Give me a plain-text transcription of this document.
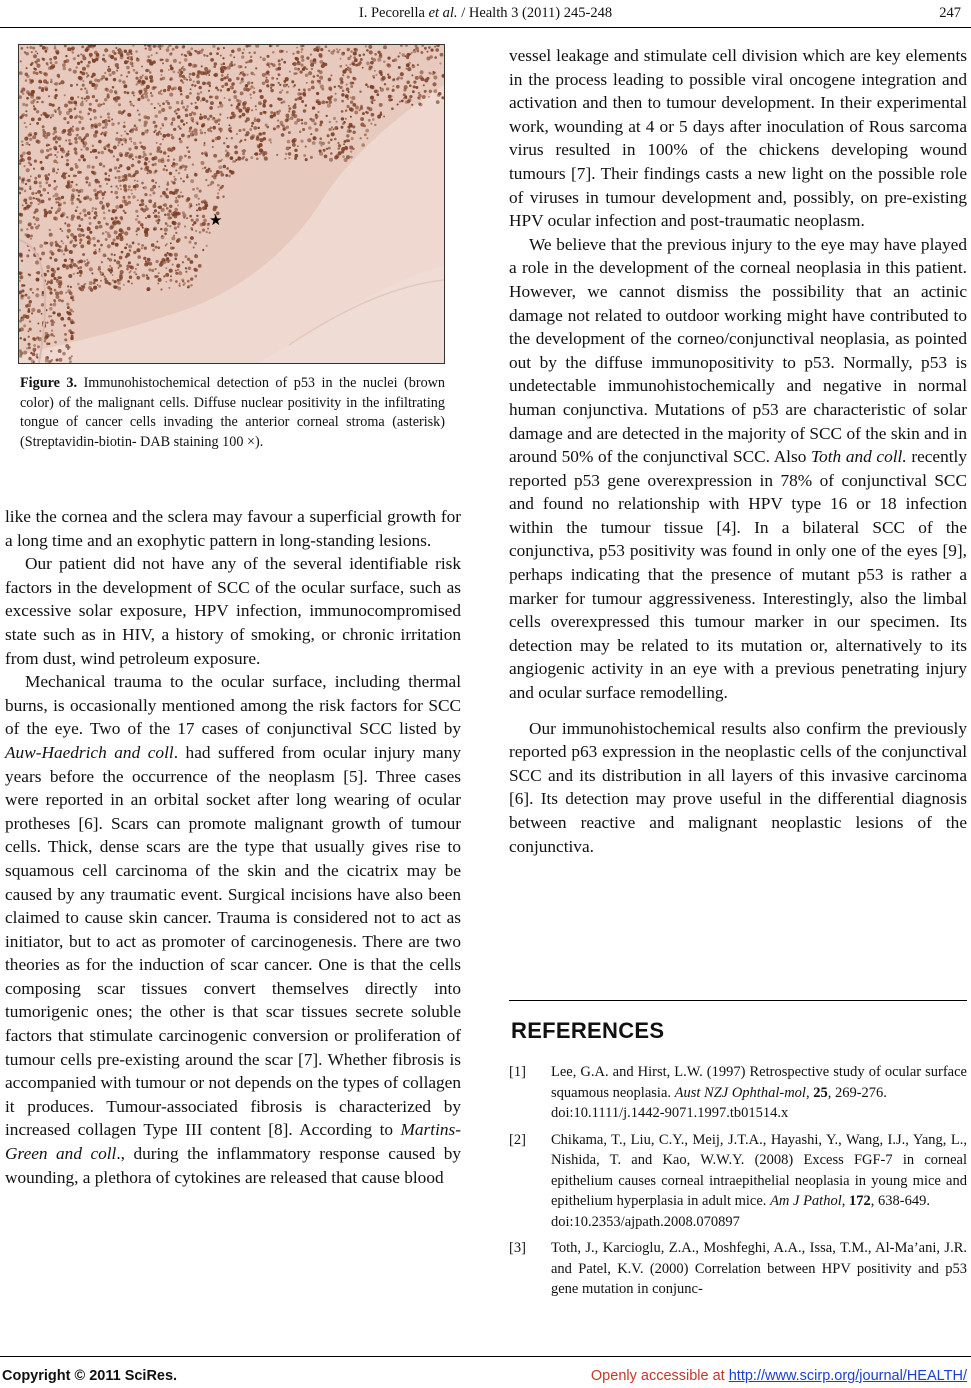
I. Pecorella et al. / Health 3 (2011) 245-248	247
★
Figure 3. Immunohistochemical detection of p53 in the nuclei (brown color) of the malignant cells. Diffuse nuclear positivity in the infiltrating tongue of cancer cells invading the anterior corneal stroma (asterisk) (Streptavidin-biotin- DAB staining 100 ×).

like the cornea and the sclera may favour a superficial growth for a long time and an exophytic pattern in long-standing lesions.

Our patient did not have any of the several identifiable risk factors in the development of SCC of the ocular surface, such as excessive solar exposure, HPV infection, immunocompromised state such as in HIV, a history of smoking, or chronic irritation from dust, wind petroleum exposure.

Mechanical trauma to the ocular surface, including thermal burns, is occasionally mentioned among the risk factors for SCC of the eye. Two of the 17 cases of conjunctival SCC listed by Auw-Haedrich and coll. had suffered from ocular injury many years before the occurrence of the neoplasm [5]. Three cases were reported in an orbital socket after long wearing of ocular protheses [6]. Scars can promote malignant growth of tumour cells. Thick, dense scars are the type that usually gives rise to squamous cell carcinoma of the skin and the cicatrix may be caused by any traumatic event. Surgical incisions have also been claimed to cause skin cancer. Trauma is considered not to act as initiator, but to act as promoter of carcinogenesis. There are two theories as for the induction of scar cancer. One is that the cells composing scar tissues convert themselves directly into tumorigenic ones; the other is that scar tissues secrete soluble factors that stimulate carcinogenic conversion or proliferation of tumour cells pre-existing around the scar [7]. Whether fibrosis is accompanied with tumour or not depends on the types of collagen it produces. Tumour-associated fibrosis is characterized by increased collagen Type III content [8]. According to Martins-Green and coll., during the inflammatory response caused by wounding, a plethora of cytokines are released that cause blood

vessel leakage and stimulate cell division which are key elements in the process leading to possible viral oncogene integration and activation and then to tumour development. In their experimental work, wounding at 4 or 5 days after inoculation of Rous sarcoma virus resulted in 100% of the chickens developing wound tumours [7]. Their findings casts a new light on the possible role of viruses in tumour development and, possibly, on pre-existing HPV ocular infection and post-traumatic neoplasm.

We believe that the previous injury to the eye may have played a role in the development of the corneal neoplasia in this patient. However, we cannot dismiss the possibility that an actinic damage not related to outdoor working might have contributed to the development of the corneo/conjunctival neoplasia, as pointed out by the diffuse immunopositivity to p53. Normally, p53 is undetectable immunohistochemically and negative in normal human conjunctiva. Mutations of p53 are characteristic of solar damage and are detected in the majority of SCC of the skin and in around 50% of the conjunctival SCC. Also Toth and coll. recently reported p53 gene overexpression in 78% of conjunctival SCC and found no relationship with HPV type 16 or 18 infection within the tumour tissue [4]. In a bilateral SCC of the conjunctiva, p53 positivity was found in only one of the eyes [9], perhaps indicating that the presence of mutant p53 is rather a marker for tumour aggressiveness. Interestingly, also the limbal cells overexpressed this tumour marker in our specimen. Its detection may be related to its mutation or, alternatively to its angiogenic activity in an eye with a previous penetrating injury and ocular surface remodelling.

Our immunohistochemical results also confirm the previously reported p63 expression in the neoplastic cells of the conjunctival SCC and its distribution in all layers of this invasive carcinoma [6]. Its detection may prove useful in the differential diagnosis between reactive and malignant neoplastic lesions of the conjunctiva.

REFERENCES
[1] Lee, G.A. and Hirst, L.W. (1997) Retrospective study of ocular surface squamous neoplasia. Aust NZJ Ophthal-mol, 25, 269-276.
doi:10.1111/j.1442-9071.1997.tb01514.x
[2] Chikama, T., Liu, C.Y., Meij, J.T.A., Hayashi, Y., Wang, I.J., Yang, L., Nishida, T. and Kao, W.W.Y. (2008) Excess FGF-7 in corneal epithelium causes corneal intraepithelial neoplasia in young mice and epithelium hyperplasia in adult mice. Am J Pathol, 172, 638-649.
doi:10.2353/ajpath.2008.070897
[3] Toth, J., Karcioglu, Z.A., Moshfeghi, A.A., Issa, T.M., Al-Ma’ani, J.R. and Patel, K.V. (2000) Correlation between HPV positivity and p53 gene mutation in conjunc-
Copyright © 2011 SciRes.	Openly accessible at http://www.scirp.org/journal/HEALTH/
